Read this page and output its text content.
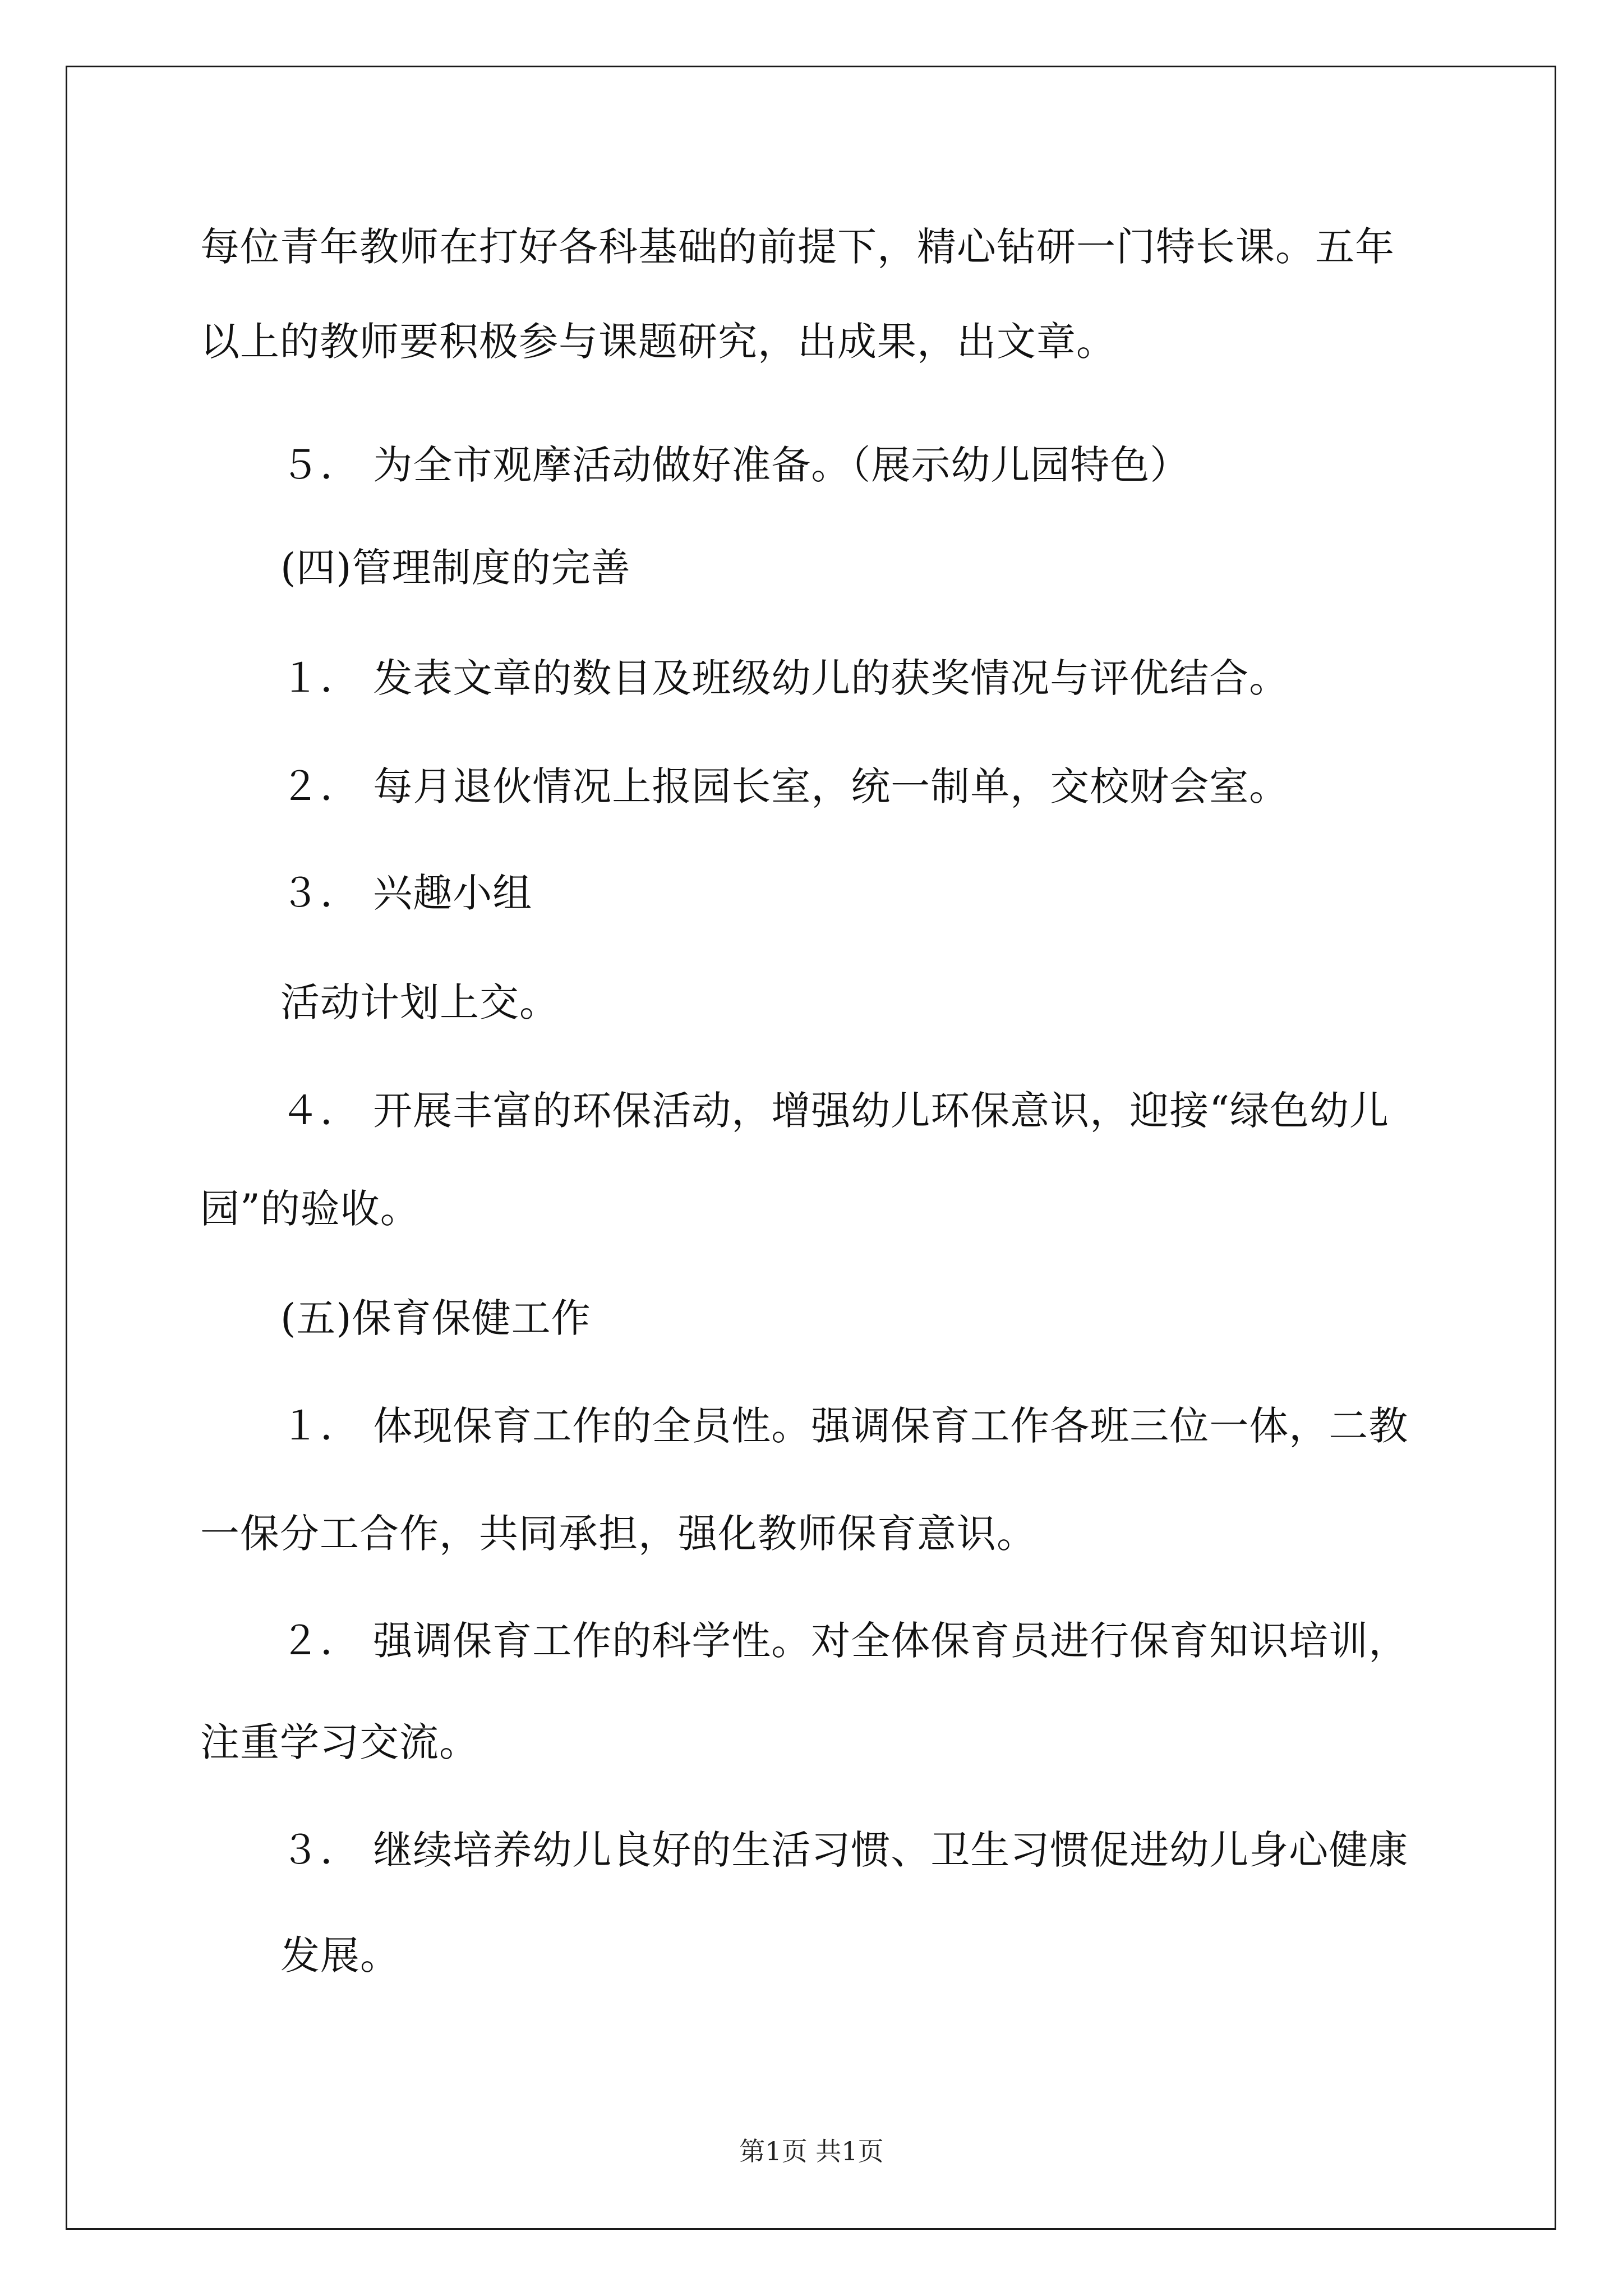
每位青年教师在打好各科基础的前提下，精心钻研一门特长课。五年
以上的教师要积极参与课题研究，出成果，出文章。
５． 为全市观摩活动做好准备。（展示幼儿园特色）
(四)管理制度的完善
１． 发表文章的数目及班级幼儿的获奖情况与评优结合。
２． 每月退伙情况上报园长室，统一制单，交校财会室。
３． 兴趣小组
活动计划上交。
４． 开展丰富的环保活动，增强幼儿环保意识，迎接“绿色幼儿
园”的验收。
(五)保育保健工作
１． 体现保育工作的全员性。强调保育工作各班三位一体，二教
一保分工合作，共同承担，强化教师保育意识。
２． 强调保育工作的科学性。对全体保育员进行保育知识培训，
注重学习交流。
３． 继续培养幼儿良好的生活习惯、卫生习惯促进幼儿身心健康
发展。
第1页 共1页
